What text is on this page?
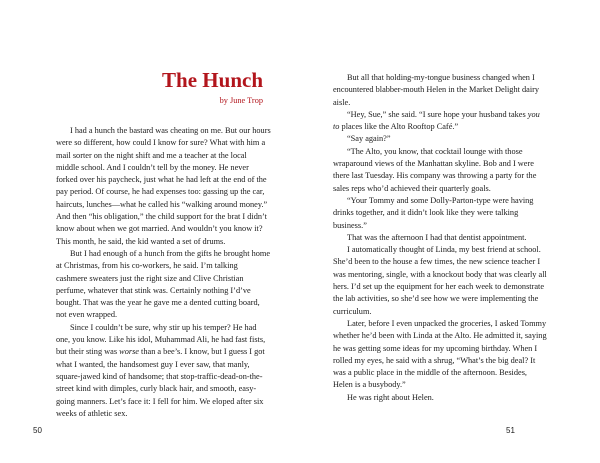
The Hunch
by June Trop

I had a hunch the bastard was cheating on me. But our hours were so different, how could I know for sure? What with him a mail sorter on the night shift and me a teacher at the local middle school. And I couldn’t tell by the money. He never forked over his paycheck, just what he had left at the end of the pay period. Of course, he had expenses too: gassing up the car, haircuts, lunches—what he called his “walking around money.” And then “his obligation,” the child support for the brat I didn’t know about when we got married. And wouldn’t you know it? This month, he said, the kid wanted a set of drums.

But I had enough of a hunch from the gifts he brought home at Christmas, from his co-workers, he said. I’m talking cashmere sweaters just the right size and Clive Christian perfume, whatever that stink was. Certainly nothing I’d’ve bought. That was the year he gave me a dented cutting board, not even wrapped.

Since I couldn’t be sure, why stir up his temper? He had one, you know. Like his idol, Muhammad Ali, he had fast fists, but their sting was worse than a bee’s. I know, but I guess I got what I wanted, the handsomest guy I ever saw, that manly, square-jawed kind of handsome; that stop-traffic-dead-on-the-street kind with dimples, curly black hair, and smooth, easy-going manners. Let’s face it: I fell for him. We eloped after six weeks of athletic sex.

50

But all that holding-my-tongue business changed when I encountered blabber-mouth Helen in the Market Delight dairy aisle.

“Hey, Sue,” she said. “I sure hope your husband takes you to places like the Alto Rooftop Café.”

“Say again?”

“The Alto, you know, that cocktail lounge with those wraparound views of the Manhattan skyline. Bob and I were there last Tuesday. His company was throwing a party for the sales reps who’d achieved their quarterly goals.

“Your Tommy and some Dolly-Parton-type were having drinks together, and it didn’t look like they were talking business.”

That was the afternoon I had that dentist appointment.

I automatically thought of Linda, my best friend at school. She’d been to the house a few times, the new science teacher I was mentoring, single, with a knockout body that was clearly all hers. I’d set up the equipment for her each week to demonstrate the lab activities, so she’d see how we were implementing the curriculum.

Later, before I even unpacked the groceries, I asked Tommy whether he’d been with Linda at the Alto. He admitted it, saying he was getting some ideas for my upcoming birthday. When I rolled my eyes, he said with a shrug, “What’s the big deal? It was a public place in the middle of the afternoon. Besides, Helen is a busybody.”

He was right about Helen.

51
